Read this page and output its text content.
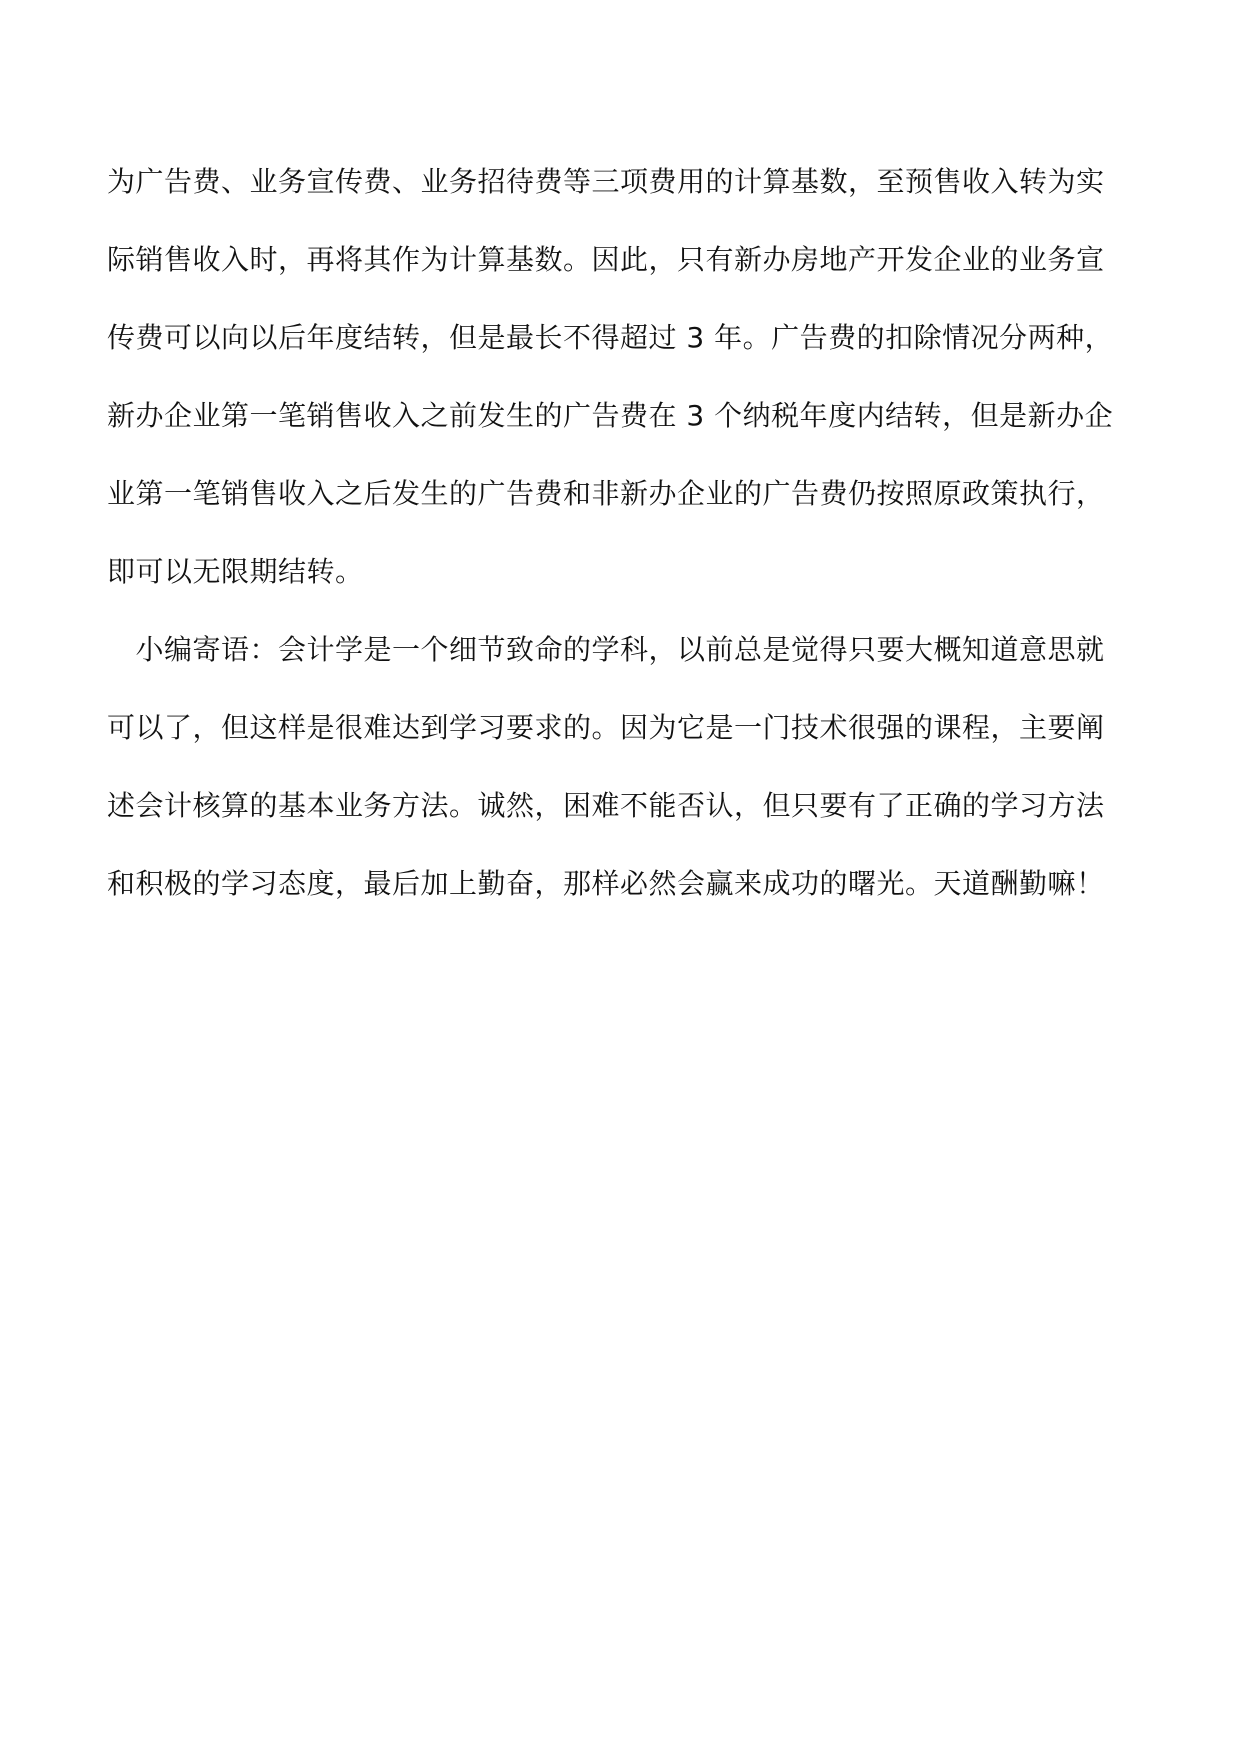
为广告费、业务宣传费、业务招待费等三项费用的计算基数，至预售收入转为实
际销售收入时，再将其作为计算基数。因此，只有新办房地产开发企业的业务宣
传费可以向以后年度结转，但是最长不得超过 3 年。广告费的扣除情况分两种，
新办企业第一笔销售收入之前发生的广告费在 3 个纳税年度内结转，但是新办企
业第一笔销售收入之后发生的广告费和非新办企业的广告费仍按照原政策执行，
即可以无限期结转。
　小编寄语：会计学是一个细节致命的学科，以前总是觉得只要大概知道意思就
可以了，但这样是很难达到学习要求的。因为它是一门技术很强的课程，主要阐
述会计核算的基本业务方法。诚然，困难不能否认，但只要有了正确的学习方法
和积极的学习态度，最后加上勤奋，那样必然会赢来成功的曙光。天道酬勤嘛！
